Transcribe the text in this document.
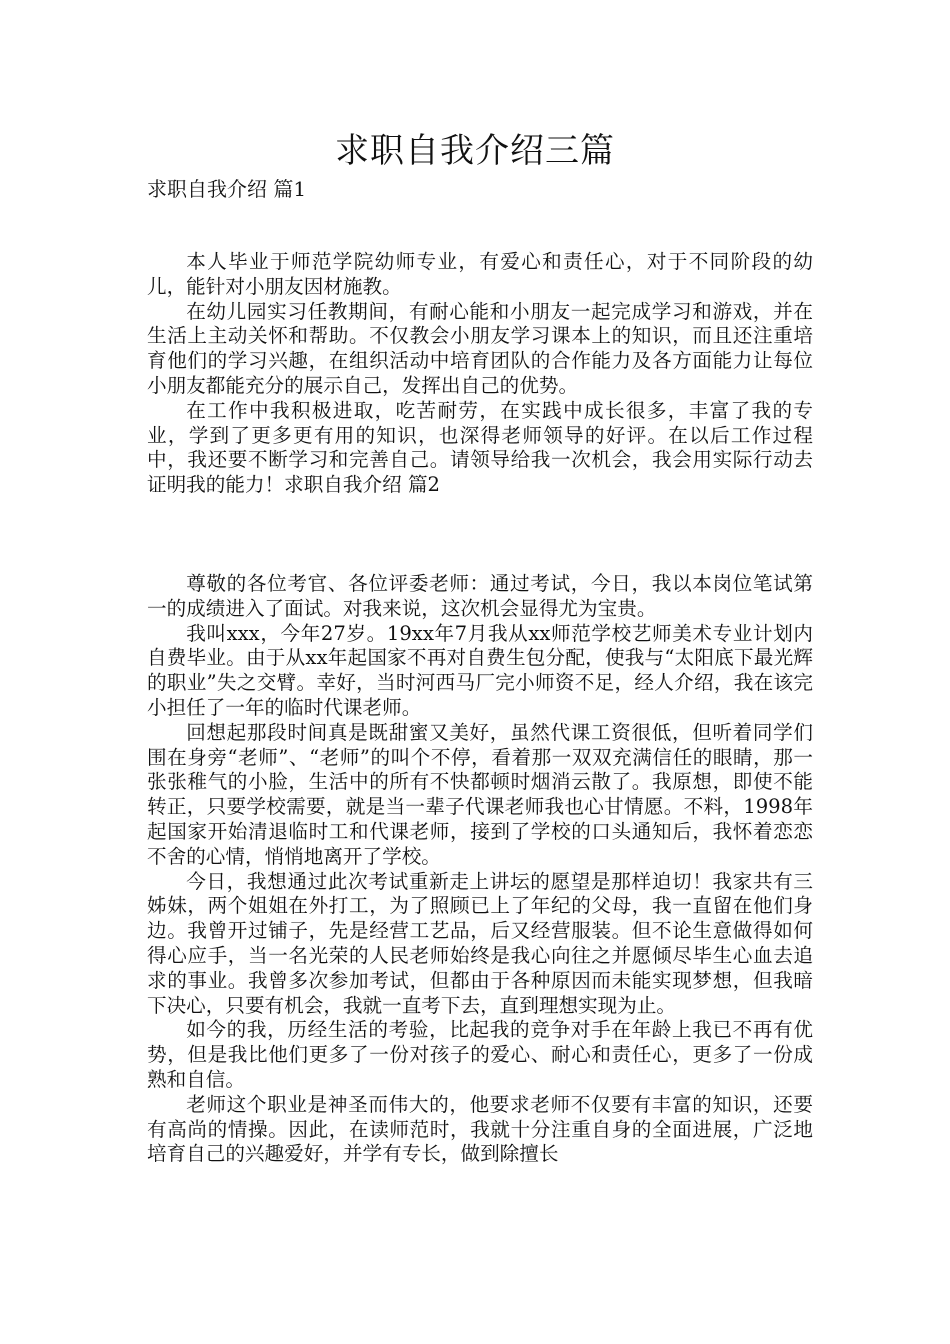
求职自我介绍三篇
求职自我介绍 篇1

本人毕业于师范学院幼师专业，有爱心和责任心，对于不同阶段的幼儿，能针对小朋友因材施教。

在幼儿园实习任教期间，有耐心能和小朋友一起完成学习和游戏，并在生活上主动关怀和帮助。不仅教会小朋友学习课本上的知识，而且还注重培育他们的学习兴趣，在组织活动中培育团队的合作能力及各方面能力让每位小朋友都能充分的展示自己，发挥出自己的优势。

在工作中我积极进取，吃苦耐劳，在实践中成长很多，丰富了我的专业，学到了更多更有用的知识，也深得老师领导的好评。在以后工作过程中，我还要不断学习和完善自己。请领导给我一次机会，我会用实际行动去证明我的能力！求职自我介绍 篇2

尊敬的各位考官、各位评委老师：通过考试，今日，我以本岗位笔试第一的成绩进入了面试。对我来说，这次机会显得尤为宝贵。

我叫xxx，今年27岁。19xx年7月我从xx师范学校艺师美术专业计划内自费毕业。由于从xx年起国家不再对自费生包分配，使我与“太阳底下最光辉的职业”失之交臂。幸好，当时河西马厂完小师资不足，经人介绍，我在该完小担任了一年的临时代课老师。

回想起那段时间真是既甜蜜又美好，虽然代课工资很低，但听着同学们围在身旁“老师”、“老师”的叫个不停，看着那一双双充满信任的眼睛，那一张张稚气的小脸，生活中的所有不快都顿时烟消云散了。我原想，即使不能转正，只要学校需要，就是当一辈子代课老师我也心甘情愿。不料，1998年起国家开始清退临时工和代课老师，接到了学校的口头通知后，我怀着恋恋不舍的心情，悄悄地离开了学校。

今日，我想通过此次考试重新走上讲坛的愿望是那样迫切！我家共有三姊妹，两个姐姐在外打工，为了照顾已上了年纪的父母，我一直留在他们身边。我曾开过铺子，先是经营工艺品，后又经营服装。但不论生意做得如何得心应手，当一名光荣的人民老师始终是我心向往之并愿倾尽毕生心血去追求的事业。我曾多次参加考试，但都由于各种原因而未能实现梦想，但我暗下决心，只要有机会，我就一直考下去，直到理想实现为止。

如今的我，历经生活的考验，比起我的竞争对手在年龄上我已不再有优势，但是我比他们更多了一份对孩子的爱心、耐心和责任心，更多了一份成熟和自信。

老师这个职业是神圣而伟大的，他要求老师不仅要有丰富的知识，还要有高尚的情操。因此，在读师范时，我就十分注重自身的全面进展，广泛地培育自己的兴趣爱好，并学有专长，做到除擅长
